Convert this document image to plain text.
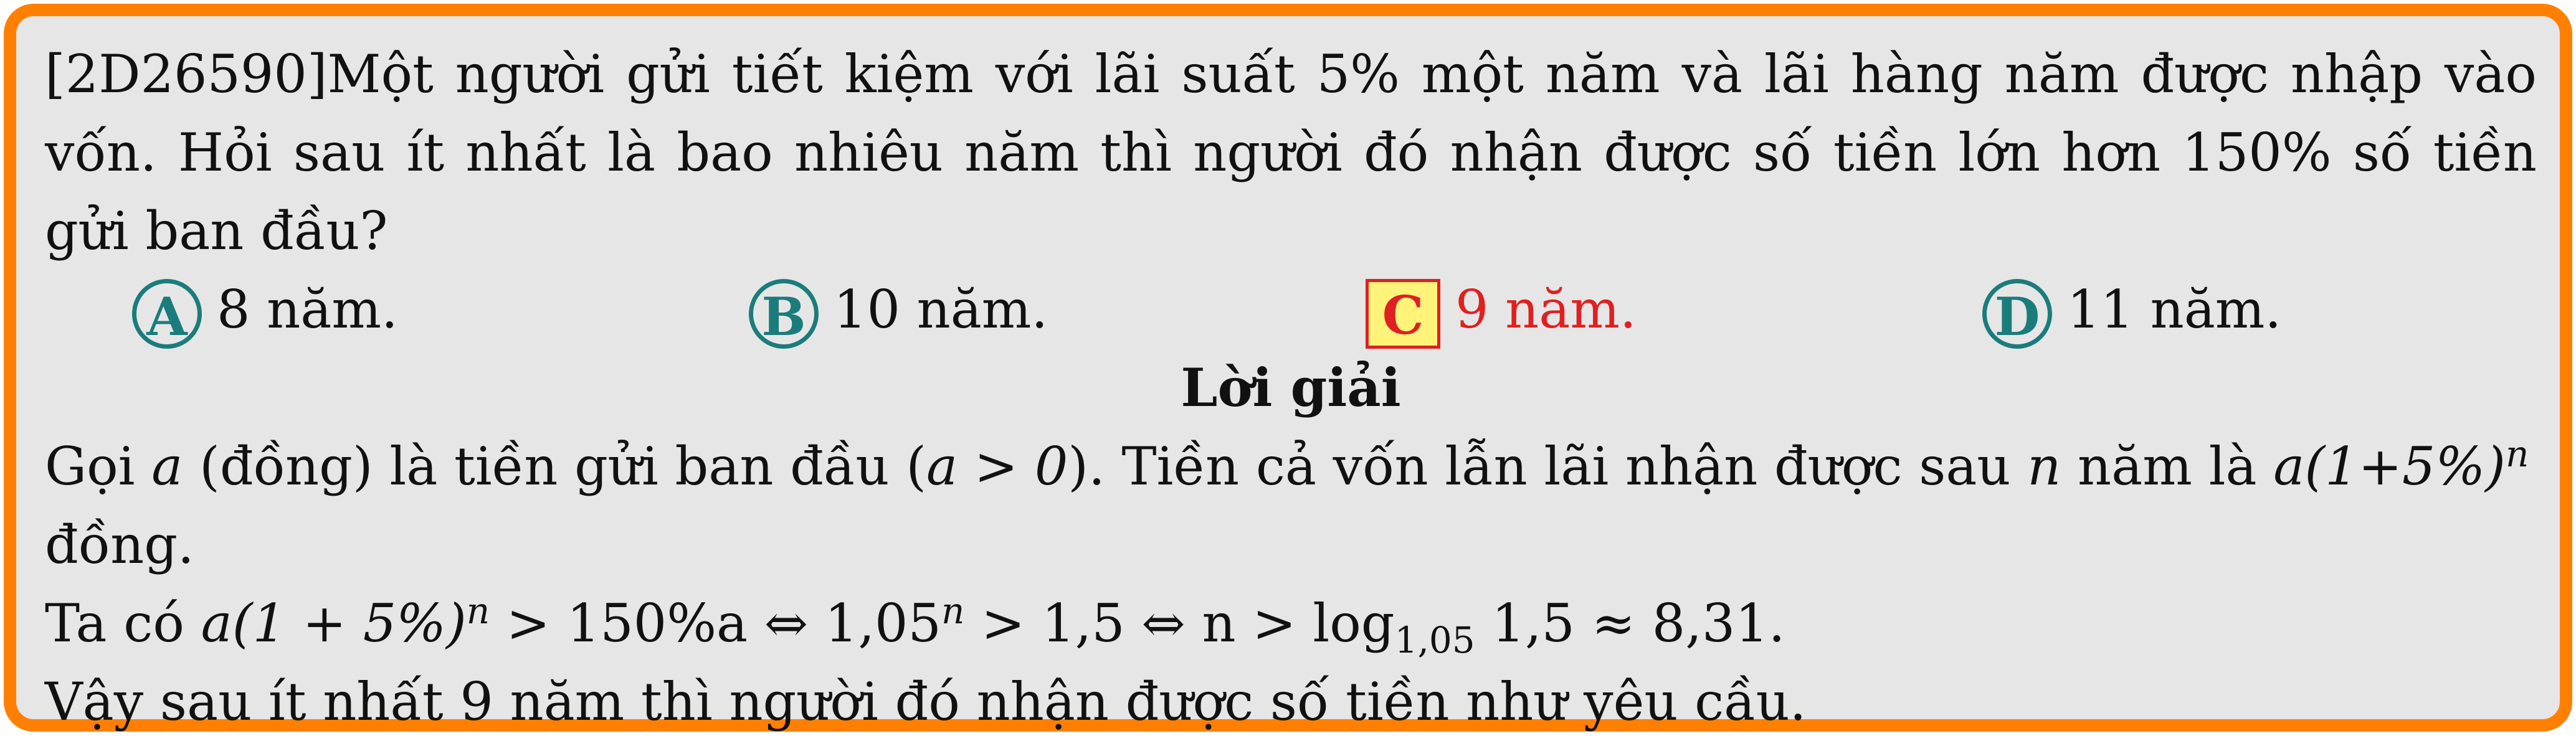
[2D26590]Một người gửi tiết kiệm với lãi suất 5% một năm và lãi hàng năm được nhập vào vốn. Hỏi sau ít nhất là bao nhiêu năm thì người đó nhận được số tiền lớn hơn 150% số tiền gửi ban đầu?
A 8 năm.	B 10 năm.	C 9 năm.	D 11 năm.
Lời giải
Gọi a (đồng) là tiền gửi ban đầu (a > 0). Tiền cả vốn lẫn lãi nhận được sau n năm là $a(1+5\%)^n$ đồng.
Ta có $a(1 + 5\%)^n > 150\%a$ ⇔ $1,05^n > 1,5$ ⇔ $n > \log_{1,05} 1,5 \approx 8,31$.
Vậy sau ít nhất 9 năm thì người đó nhận được số tiền như yêu cầu.
